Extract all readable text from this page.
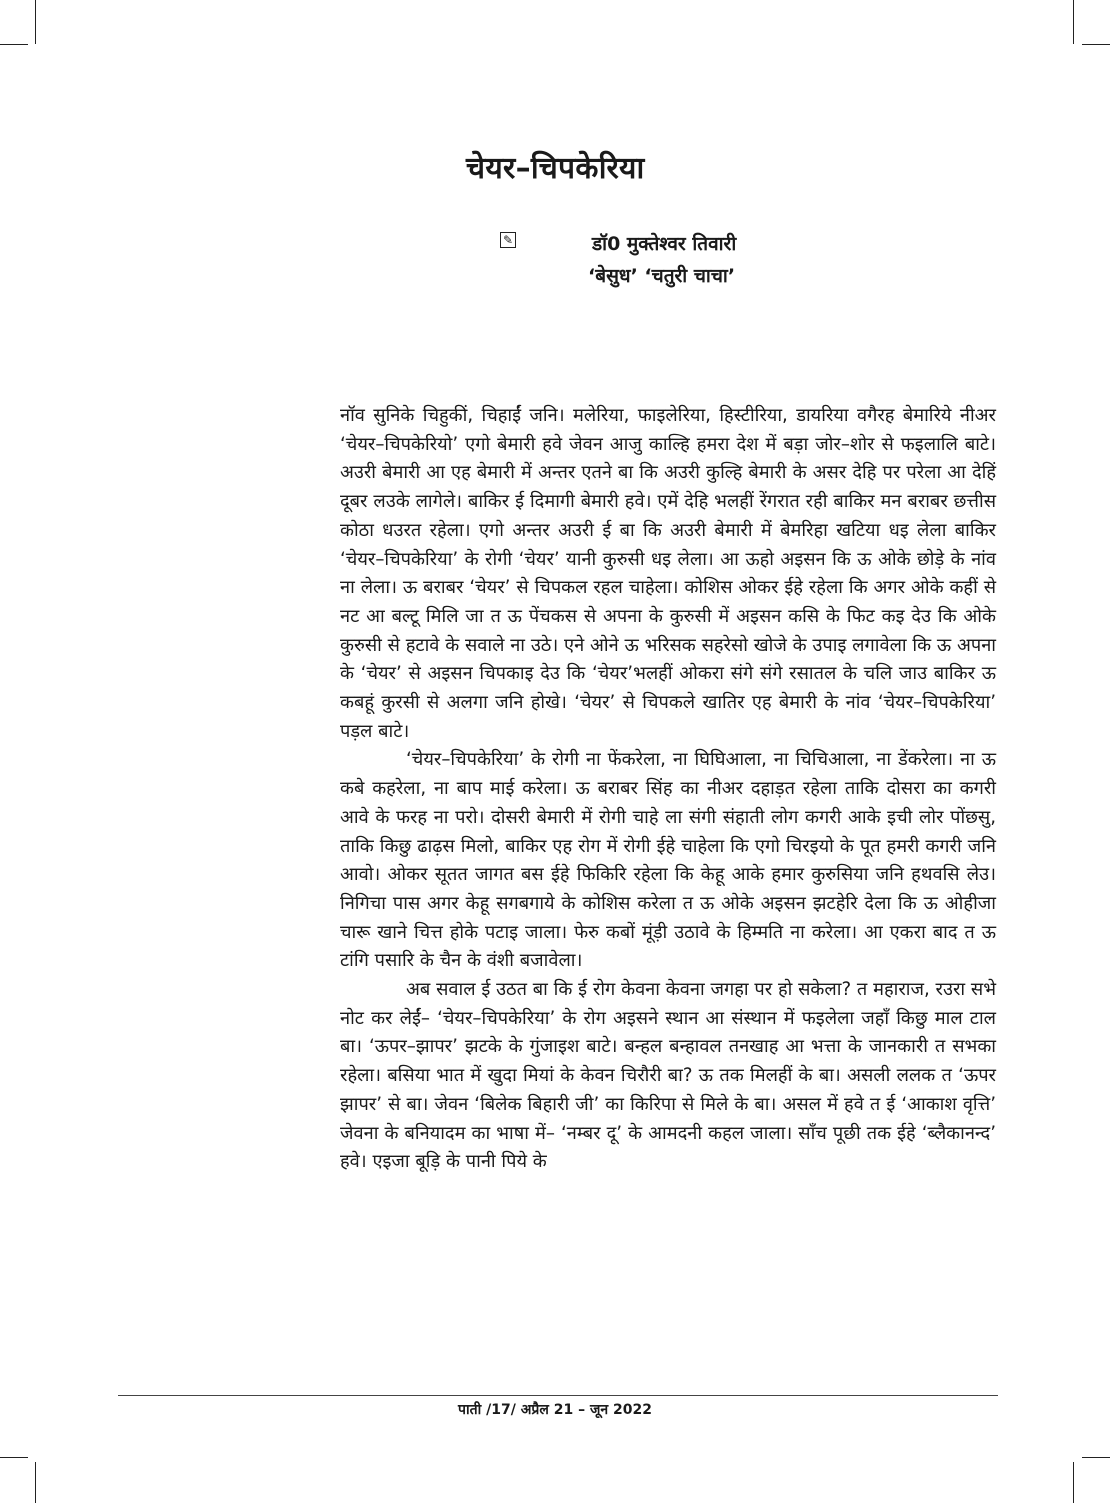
चेयर–चिपकेरिया
✎	डॉ0 मुक्तेश्वर तिवारी
‘बेसुध’ ‘चतुरी चाचा’

नॉव सुनिके चिहुकीं, चिहाईं जनि। मलेरिया, फाइलेरिया, हिस्टीरिया, डायरिया वगैरह बेमारिये नीअर ‘चेयर–चिपकेरियो’ एगो बेमारी हवे जेवन आजु काल्हि हमरा देश में बड़ा जोर–शोर से फइलालि बाटे। अउरी बेमारी आ एह बेमारी में अन्तर एतने बा कि अउरी कुल्हि बेमारी के असर देहि पर परेला आ देहिं दूबर लउके लागेले। बाकिर ई दिमागी बेमारी हवे। एमें देहि भलहीं रेंगरात रही बाकिर मन बराबर छत्तीस कोठा धउरत रहेला। एगो अन्तर अउरी ई बा कि अउरी बेमारी में बेमरिहा खटिया धइ लेला बाकिर ‘चेयर–चिपकेरिया’ के रोगी ‘चेयर’ यानी कुरुसी धइ लेला। आ ऊहो अइसन कि ऊ ओके छोड़े के नांव ना लेला। ऊ बराबर ‘चेयर’ से चिपकल रहल चाहेला। कोशिस ओकर ईहे रहेला कि अगर ओके कहीं से नट आ बल्टू मिलि जा त ऊ पेंचकस से अपना के कुरुसी में अइसन कसि के फिट कइ देउ कि ओके कुरुसी से हटावे के सवाले ना उठे। एने ओने ऊ भरिसक सहरेसो खोजे के उपाइ लगावेला कि ऊ अपना के ‘चेयर’ से अइसन चिपकाइ देउ कि ‘चेयर’भलहीं ओकरा संगे संगे रसातल के चलि जाउ बाकिर ऊ कबहूं कुरसी से अलगा जनि होखे। ‘चेयर’ से चिपकले खातिर एह बेमारी के नांव ‘चेयर–चिपकेरिया’ पड़ल बाटे।

‘चेयर–चिपकेरिया’ के रोगी ना फेंकरेला, ना घिघिआला, ना चिचिआला, ना डेंकरेला। ना ऊ कबे कहरेला, ना बाप माई करेला। ऊ बराबर सिंह का नीअर दहाड़त रहेला ताकि दोसरा का कगरी आवे के फरह ना परो। दोसरी बेमारी में रोगी चाहे ला संगी संहाती लोग कगरी आके इची लोर पोंछसु, ताकि किछु ढाढ़स मिलो, बाकिर एह रोग में रोगी ईहे चाहेला कि एगो चिरइयो के पूत हमरी कगरी जनि आवो। ओकर सूतत जागत बस ईहे फिकिरि रहेला कि केहू आके हमार कुरुसिया जनि हथवसि लेउ। निगिचा पास अगर केहू सगबगाये के कोशिस करेला त ऊ ओके अइसन झटहेरि देला कि ऊ ओहीजा चारू खाने चित्त होके पटाइ जाला। फेरु कबों मूंड़ी उठावे के हिम्मति ना करेला। आ एकरा बाद त ऊ टांगि पसारि के चैन के वंशी बजावेला।

अब सवाल ई उठत बा कि ई रोग केवना केवना जगहा पर हो सकेला? त महाराज, रउरा सभे नोट कर लेईं– ‘चेयर–चिपकेरिया’ के रोग अइसने स्थान आ संस्थान में फइलेला जहाँ किछु माल टाल बा। ‘ऊपर–झापर’ झटके के गुंजाइश बाटे। बन्हल बन्हावल तनखाह आ भत्ता के जानकारी त सभका रहेला। बसिया भात में खुदा मियां के केवन चिरौरी बा? ऊ तक मिलहीं के बा। असली ललक त ‘ऊपर झापर’ से बा। जेवन ‘बिलेक बिहारी जी’ का किरिपा से मिले के बा। असल में हवे त ई ‘आकाश वृत्ति’ जेवना के बनियादम का भाषा में– ‘नम्बर दू’ के आमदनी कहल जाला। साँच पूछी तक ईहे ‘ब्लैकानन्द’ हवे। एइजा बूड़ि के पानी पिये के

पाती /17/ अप्रैल 21 – जून 2022
